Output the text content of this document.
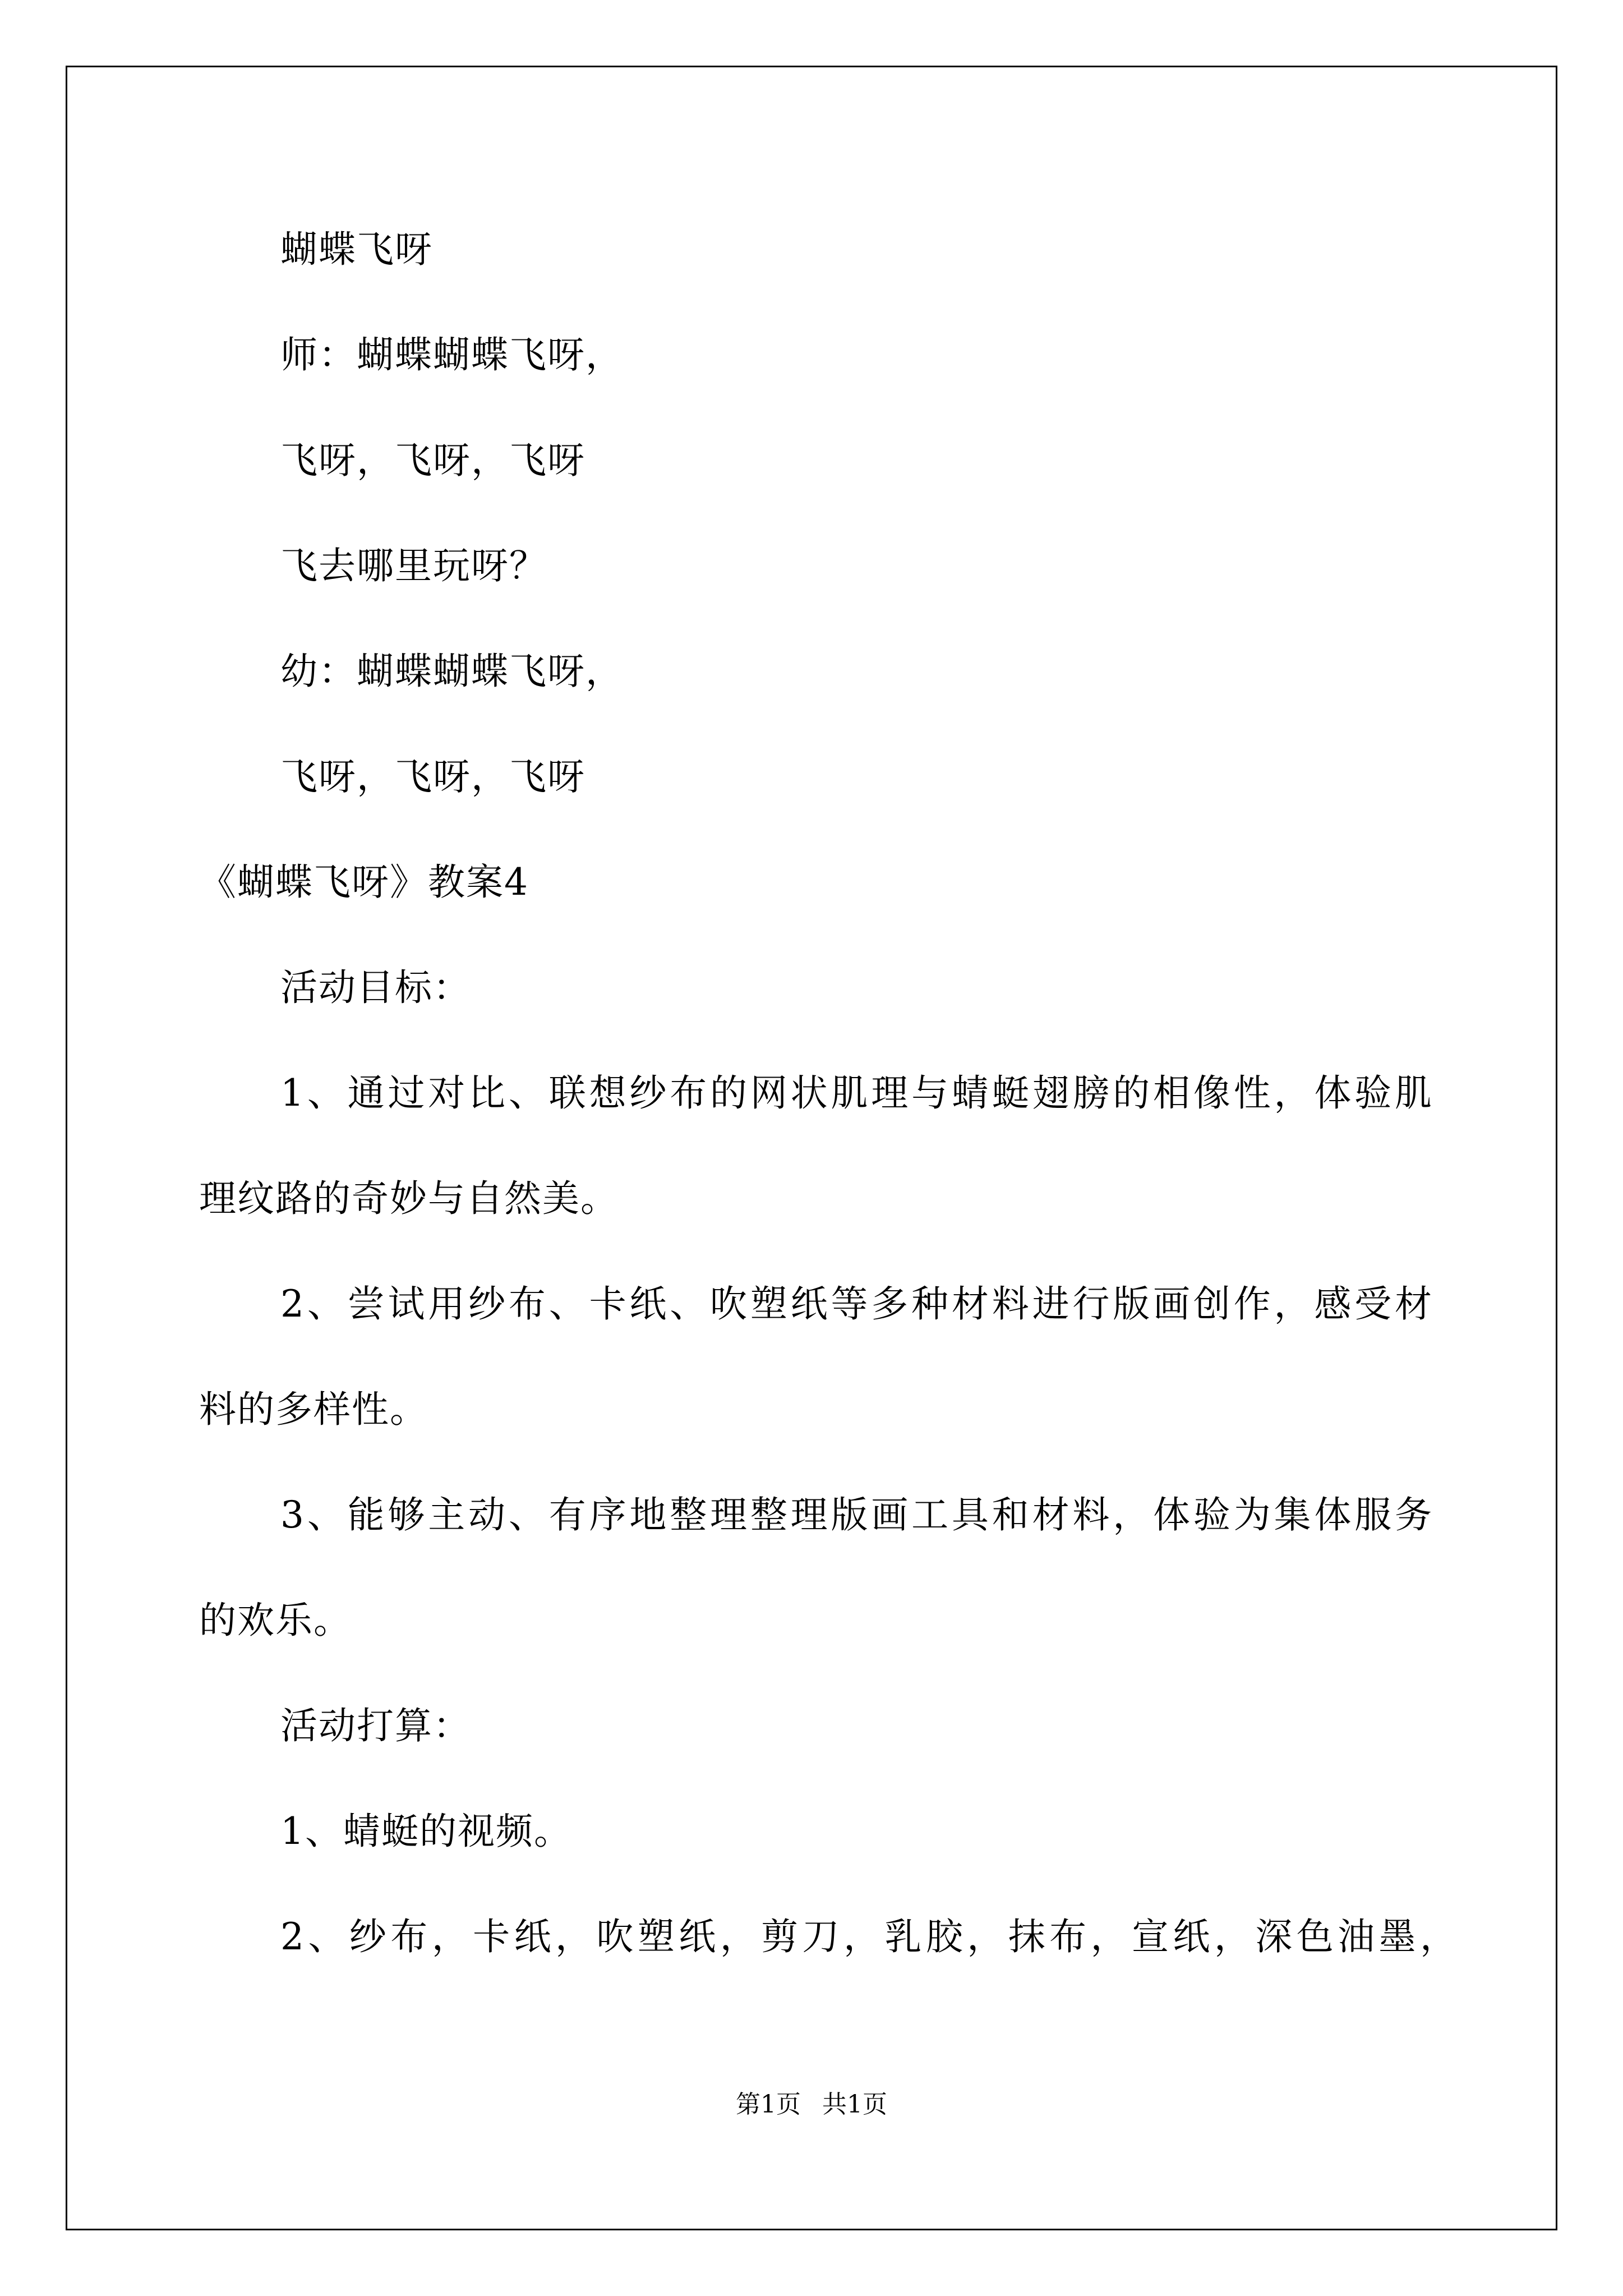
蝴蝶飞呀
师：蝴蝶蝴蝶飞呀，
飞呀，飞呀，飞呀
飞去哪里玩呀？
幼：蝴蝶蝴蝶飞呀，
飞呀，飞呀，飞呀
《蝴蝶飞呀》教案4
活动目标：
1、通过对比、联想纱布的网状肌理与蜻蜓翅膀的相像性，体验肌
理纹路的奇妙与自然美。
2、尝试用纱布、卡纸、吹塑纸等多种材料进行版画创作，感受材
料的多样性。
3、能够主动、有序地整理整理版画工具和材料，体验为集体服务
的欢乐。
活动打算：
1、蜻蜓的视频。
2、纱布，卡纸，吹塑纸，剪刀，乳胶，抹布，宣纸，深色油墨，
第1页 共1页
